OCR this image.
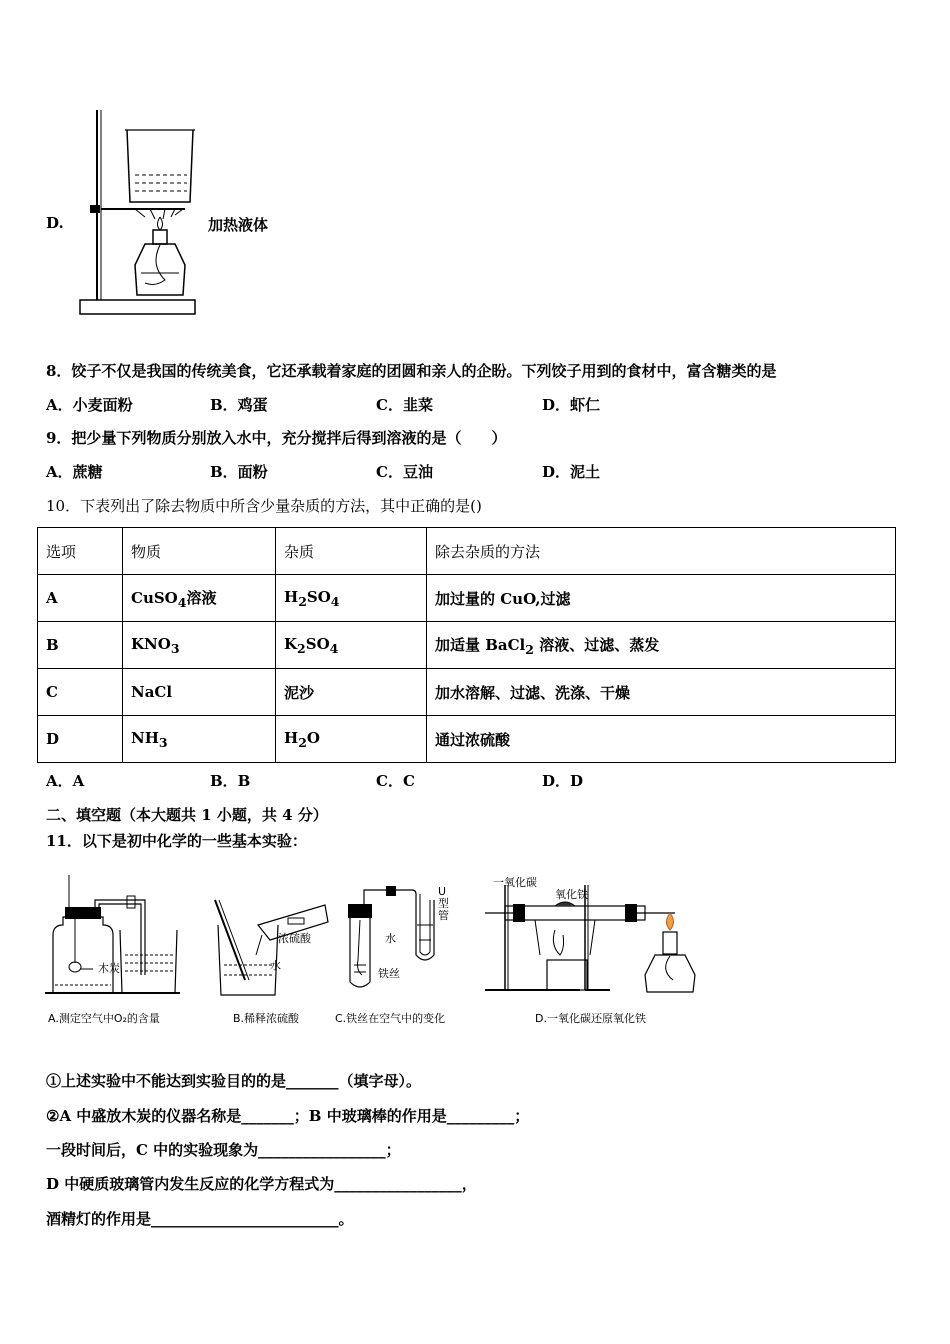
D.	加热液体
8．饺子不仅是我国的传统美食，它还承载着家庭的团圆和亲人的企盼。下列饺子用到的食材中，富含糖类的是
A．小麦面粉	B．鸡蛋	C．韭菜	D．虾仁
9．把少量下列物质分别放入水中，充分搅拌后得到溶液的是（　　）
A．蔗糖	B．面粉	C．豆油	D．泥土
10．下表列出了除去物质中所含少量杂质的方法，其中正确的是()
选项	物质	杂质	除去杂质的方法
A	CuSO$_4$溶液	$H_2SO_4$	加过量的 CuO,过滤
B	$KNO_3$	$K_2SO_4$	加适量 BaCl$_2$ 溶液、过滤、蒸发
C	NaCl	泥沙	加水溶解、过滤、洗涤、干燥
D	$NH_3$	$H_2O$	通过浓硫酸
A．A	B．B	C．C	D．D
二、填空题（本大题共 1 小题，共 4 分）
11．以下是初中化学的一些基本实验：
木炭
A.测定空气中O₂的含量
浓硫酸
水
B.稀释浓硫酸
水
铁丝
U型管
C.铁丝在空气中的变化
一氧化碳
氧化铁
D.一氧化碳还原氧化铁
①上述实验中不能达到实验目的的是_______（填字母）。
②A 中盛放木炭的仪器名称是_______；B 中玻璃棒的作用是_________；
一段时间后，C 中的实验现象为_________________；
D 中硬质玻璃管内发生反应的化学方程式为_________________，
酒精灯的作用是_________________________。
